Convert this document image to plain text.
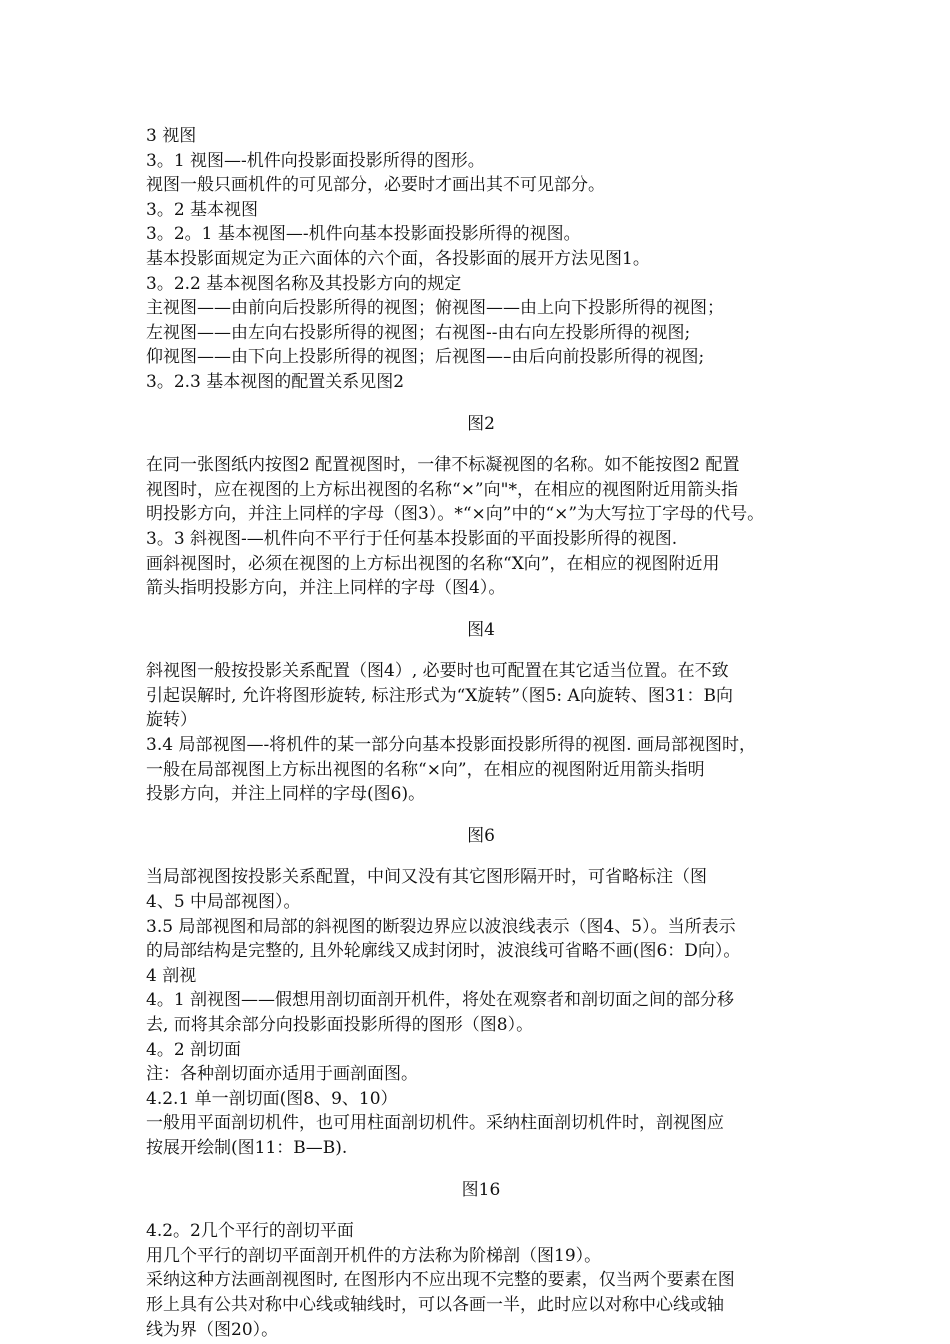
3 视图

3。1 视图—-机件向投影面投影所得的图形。

视图一般只画机件的可见部分，必要时才画出其不可见部分。

3。2 基本视图

3。2。1 基本视图—-机件向基本投影面投影所得的视图。

基本投影面规定为正六面体的六个面，各投影面的展开方法见图1。

3。2.2 基本视图名称及其投影方向的规定

主视图——由前向后投影所得的视图；俯视图——由上向下投影所得的视图；

左视图——由左向右投影所得的视图；右视图--由右向左投影所得的视图;

仰视图——由下向上投影所得的视图；后视图—–由后向前投影所得的视图;

3。2.3 基本视图的配置关系见图2

图2

在同一张图纸内按图2 配置视图时，一律不标凝视图的名称。如不能按图2 配置

视图时，应在视图的上方标出视图的名称“×”向"*，在相应的视图附近用箭头指

明投影方向，并注上同样的字母（图3）。*“×向”中的“×”为大写拉丁字母的代号。

3。3 斜视图-—机件向不平行于任何基本投影面的平面投影所得的视图.

画斜视图时，必须在视图的上方标出视图的名称“X向”，在相应的视图附近用

箭头指明投影方向，并注上同样的字母（图4）。

图4

斜视图一般按投影关系配置（图4）, 必要时也可配置在其它适当位置。在不致

引起误解时, 允许将图形旋转, 标注形式为“X旋转”（图5: A向旋转、图31：B向

旋转）

3.4 局部视图—-将机件的某一部分向基本投影面投影所得的视图. 画局部视图时，

一般在局部视图上方标出视图的名称“×向”，在相应的视图附近用箭头指明

投影方向，并注上同样的字母(图6)。

图6

当局部视图按投影关系配置，中间又没有其它图形隔开时，可省略标注（图

4、5 中局部视图）。

3.5 局部视图和局部的斜视图的断裂边界应以波浪线表示（图4、5）。当所表示

的局部结构是完整的, 且外轮廓线又成封闭时，波浪线可省略不画(图6：D向）。

4 剖视

4。1 剖视图——假想用剖切面剖开机件，将处在观察者和剖切面之间的部分移

去, 而将其余部分向投影面投影所得的图形（图8）。

4。2 剖切面

注：各种剖切面亦适用于画剖面图。

4.2.1 单一剖切面(图8、9、10）

一般用平面剖切机件，也可用柱面剖切机件。采纳柱面剖切机件时，剖视图应

按展开绘制(图11：B—B).

图16

4.2。2几个平行的剖切平面

用几个平行的剖切平面剖开机件的方法称为阶梯剖（图19）。

采纳这种方法画剖视图时, 在图形内不应出现不完整的要素，仅当两个要素在图

形上具有公共对称中心线或轴线时，可以各画一半，此时应以对称中心线或轴

线为界（图20）。
